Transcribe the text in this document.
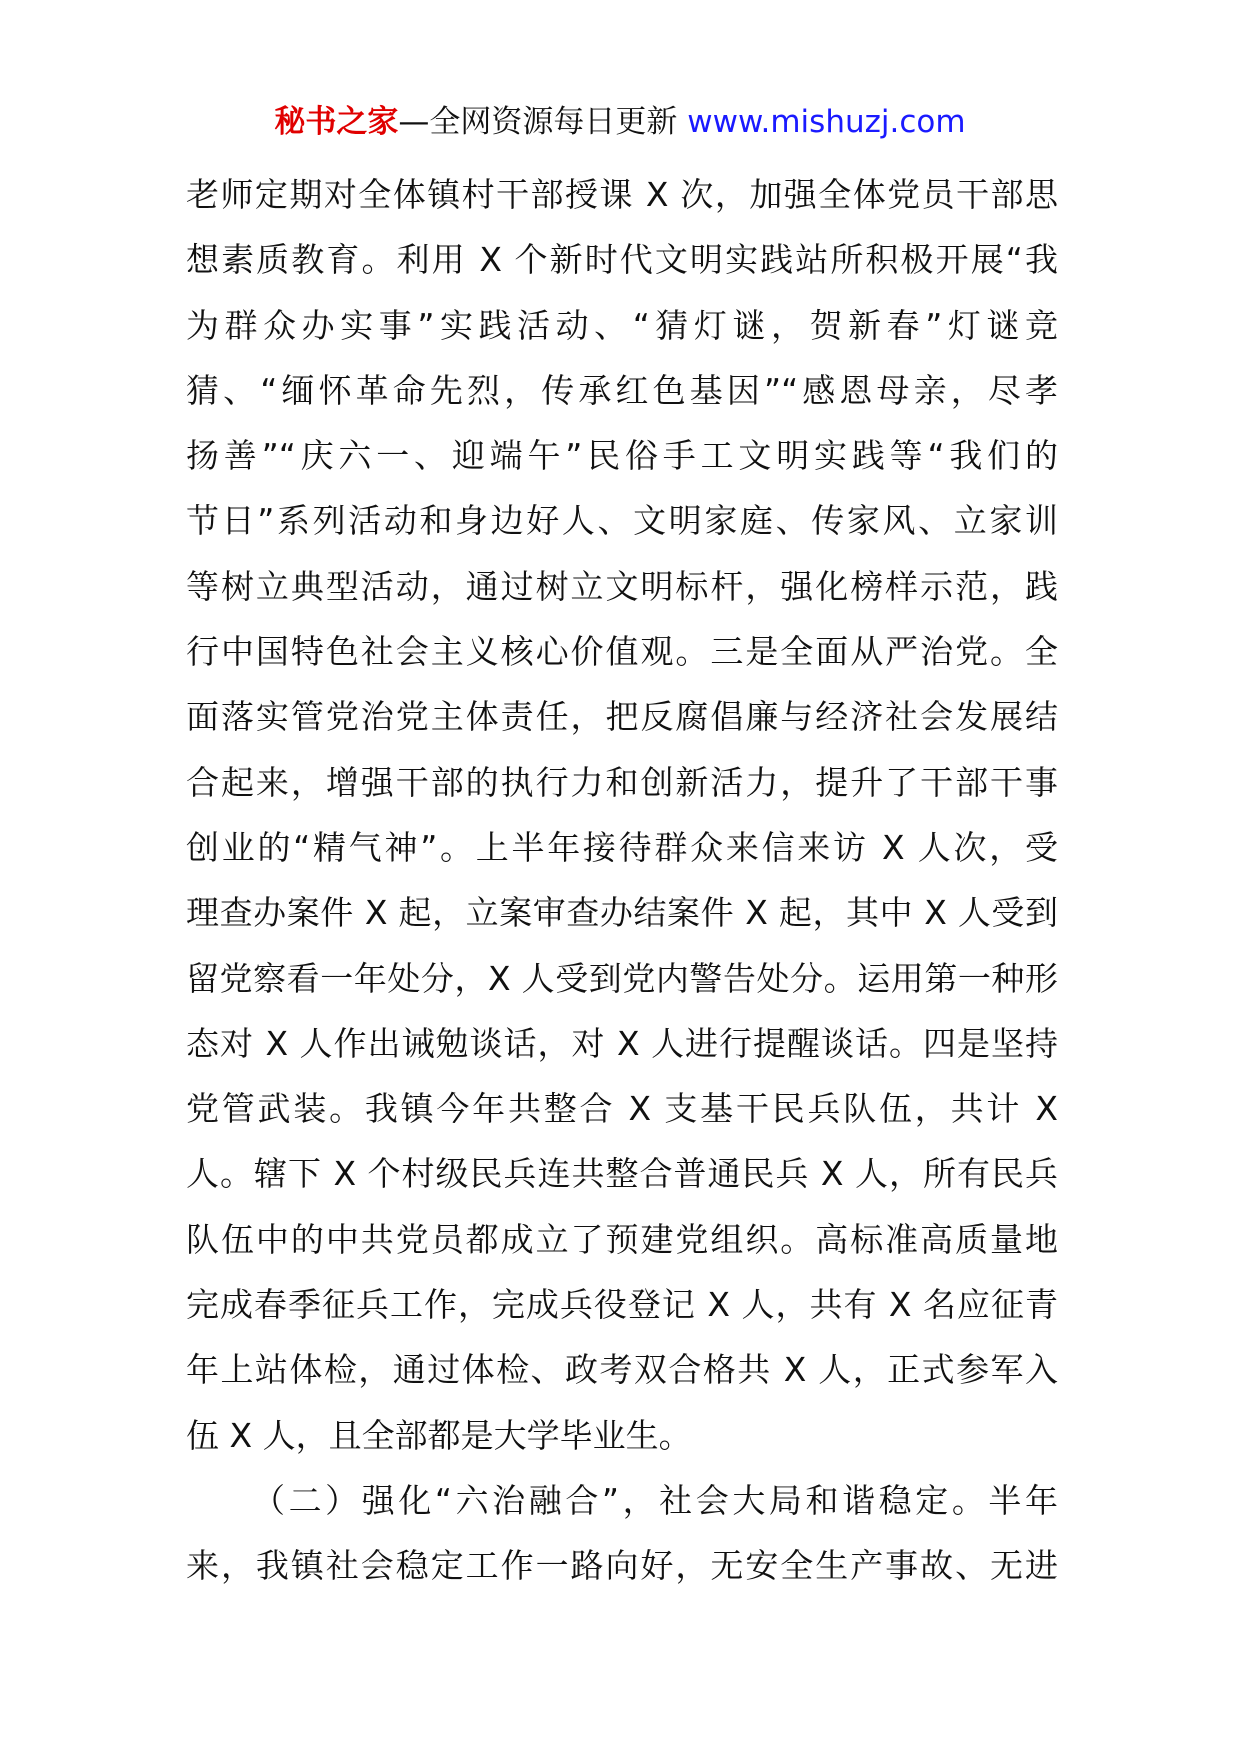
秘书之家—全网资源每日更新 www.mishuzj.com
老师定期对全体镇村干部授课 X 次，加强全体党员干部思
想素质教育。利用 X 个新时代文明实践站所积极开展“我
为群众办实事”实践活动、“猜灯谜，贺新春”灯谜竞
猜、“缅怀革命先烈，传承红色基因”“感恩母亲，尽孝
扬善”“庆六一、迎端午”民俗手工文明实践等“我们的
节日”系列活动和身边好人、文明家庭、传家风、立家训
等树立典型活动，通过树立文明标杆，强化榜样示范，践
行中国特色社会主义核心价值观。三是全面从严治党。全
面落实管党治党主体责任，把反腐倡廉与经济社会发展结
合起来，增强干部的执行力和创新活力，提升了干部干事
创业的“精气神”。上半年接待群众来信来访 X 人次，受
理查办案件 X 起，立案审查办结案件 X 起，其中 X 人受到
留党察看一年处分，X 人受到党内警告处分。运用第一种形
态对 X 人作出诫勉谈话，对 X 人进行提醒谈话。四是坚持
党管武装。我镇今年共整合 X 支基干民兵队伍，共计 X
人。辖下 X 个村级民兵连共整合普通民兵 X 人，所有民兵
队伍中的中共党员都成立了预建党组织。高标准高质量地
完成春季征兵工作，完成兵役登记 X 人，共有 X 名应征青
年上站体检，通过体检、政考双合格共 X 人，正式参军入
伍 X 人，且全部都是大学毕业生。
（二）强化“六治融合”，社会大局和谐稳定。半年
来，我镇社会稳定工作一路向好，无安全生产事故、无进
